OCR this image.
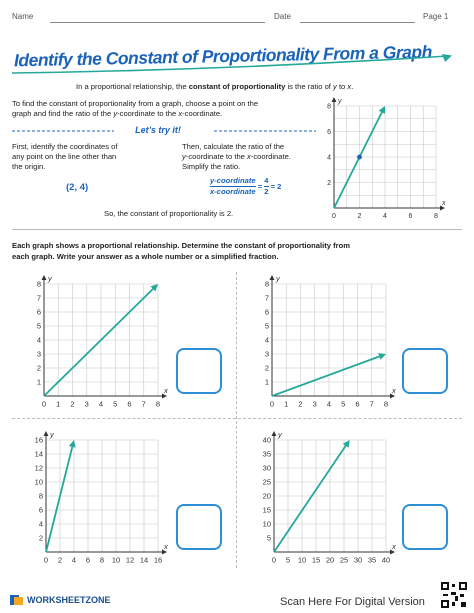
Name	Date	Page 1
Identify the Constant of Proportionality From a Graph
In a proportional relationship, the constant of proportionality is the ratio of y to x.
To find the constant of proportionality from a graph, choose a point on the
graph and find the ratio of the y-coordinate to the x-coordinate.
Let’s try it!
First, identify the coordinates of
any point on the line other than
the origin.
(2, 4)
Then, calculate the ratio of the
y-coordinate to the x-coordinate.
Simplify the ratio.
$\frac{\text{y-coordinate}}{\text{x-coordinate}} = \frac{4}{2} = 2$
So, the constant of proportionality is 2.
x
y
0	2	4	6	8
2
4
6
8
Each graph shows a proportional relationship. Determine the constant of proportionality from
each graph. Write your answer as a whole number or a simplified fraction.
x
y
0 1 2 3 4 5 6 7 8
1
2
3
4
5
6
7
8
x
y
0 1 2 3 4 5 6 7 8
1
2
3
4
5
6
7
8
x
y
0 2 4 6 8 10 12 14 16
2
4
6
8
10
12
14
16
x
y
0 5 10 15 20 25 30 35 40
5
10
15
20
25
30
35
40
WORKSHEETZONE	Scan Here For Digital Version
